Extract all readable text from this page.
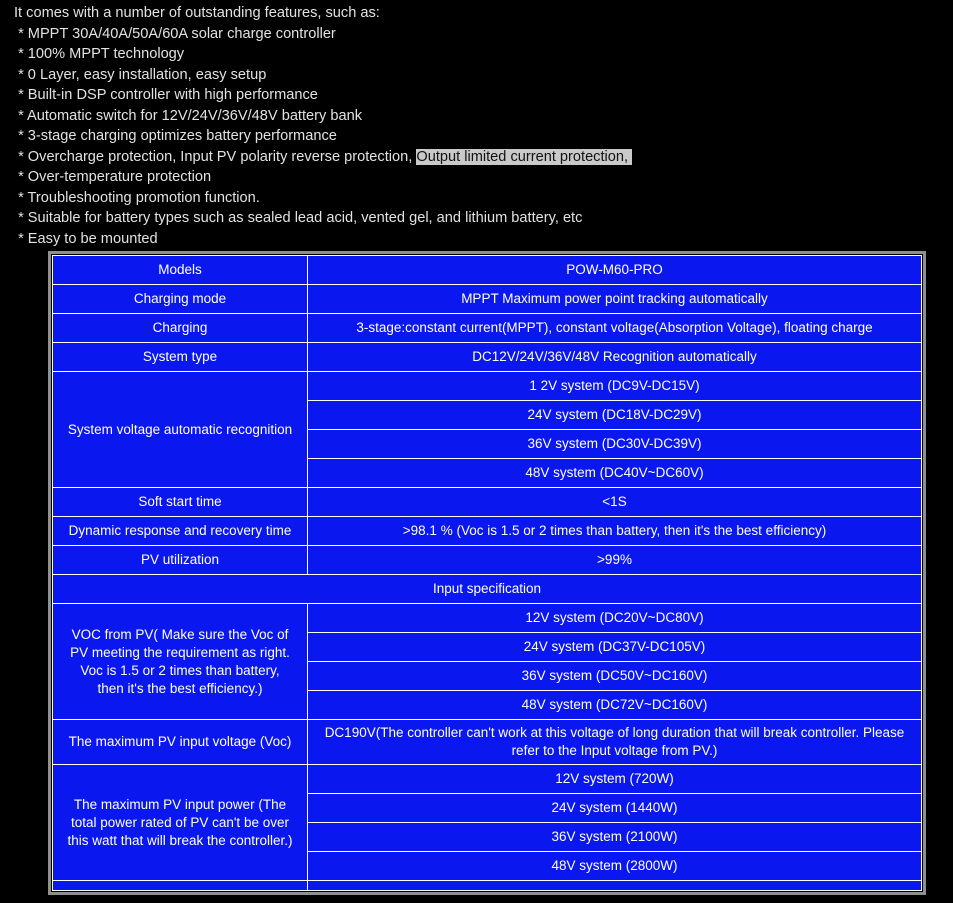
It comes with a number of outstanding features, such as:
* MPPT 30A/40A/50A/60A solar charge controller
* 100% MPPT technology
* 0 Layer, easy installation, easy setup
* Built-in DSP controller with high performance
* Automatic switch for 12V/24V/36V/48V battery bank
* 3-stage charging optimizes battery performance
* Overcharge protection, Input PV polarity reverse protection, Output limited current protection,
* Over-temperature protection
* Troubleshooting promotion function.
* Suitable for battery types such as sealed lead acid, vented gel, and lithium battery, etc
* Easy to be mounted
Models	POW-M60-PRO
Charging mode	MPPT Maximum power point tracking automatically
Charging	3-stage:constant current(MPPT), constant voltage(Absorption Voltage), floating charge
System type	DC12V/24V/36V/48V Recognition automatically
System voltage automatic recognition	1 2V system (DC9V-DC15V)
	24V system (DC18V-DC29V)
	36V system (DC30V-DC39V)
	48V system (DC40V~DC60V)
Soft start time	<1S
Dynamic response and recovery time	>98.1 % (Voc is 1.5 or 2 times than battery, then it's the best efficiency)
PV utilization	>99%
Input specification	
VOC from PV( Make sure the Voc of PV meeting the requirement as right. Voc is 1.5 or 2 times than battery, then it's the best efficiency.)	12V system (DC20V~DC80V)
	24V system (DC37V-DC105V)
	36V system (DC50V~DC160V)
	48V system (DC72V~DC160V)
The maximum PV input voltage (Voc)	DC190V(The controller can't work at this voltage of long duration that will break controller. Please refer to the Input voltage from PV.)
The maximum PV input power (The total power rated of PV can't be over this watt that will break the controller.)	12V system (720W)
	24V system (1440W)
	36V system (2100W)
	48V system (2800W)
